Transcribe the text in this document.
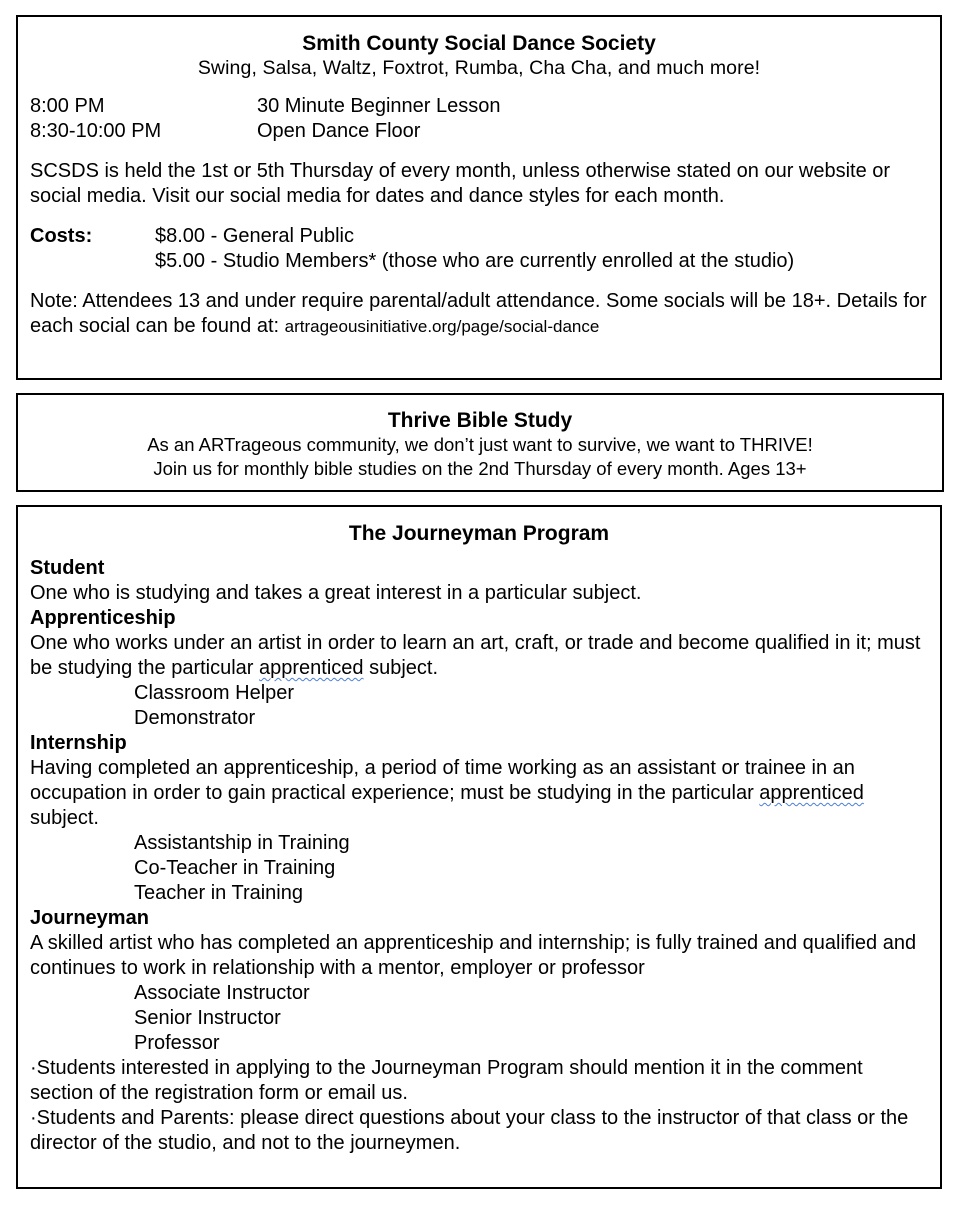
Smith County Social Dance Society
Swing, Salsa, Waltz, Foxtrot, Rumba, Cha Cha, and much more!
8:00 PM	30 Minute Beginner Lesson
8:30-10:00 PM	Open Dance Floor

SCSDS is held the 1st or 5th Thursday of every month, unless otherwise stated on our website or social media. Visit our social media for dates and dance styles for each month.

Costs:	$8.00 - General Public
$5.00 - Studio Members* (those who are currently enrolled at the studio)

Note: Attendees 13 and under require parental/adult attendance. Some socials will be 18+. Details for each social can be found at: artrageousinitiative.org/page/social-dance

Thrive Bible Study
As an ARTrageous community, we don’t just want to survive, we want to THRIVE!
Join us for monthly bible studies on the 2nd Thursday of every month. Ages 13+
The Journeyman Program
Student
One who is studying and takes a great interest in a particular subject.
Apprenticeship
One who works under an artist in order to learn an art, craft, or trade and become qualified in it; must be studying the particular apprenticed subject.
Classroom Helper
Demonstrator
Internship
Having completed an apprenticeship, a period of time working as an assistant or trainee in an occupation in order to gain practical experience; must be studying in the particular apprenticed subject.
Assistantship in Training
Co-Teacher in Training
Teacher in Training
Journeyman
A skilled artist who has completed an apprenticeship and internship; is fully trained and qualified and continues to work in relationship with a mentor, employer or professor
Associate Instructor
Senior Instructor
Professor
·Students interested in applying to the Journeyman Program should mention it in the comment section of the registration form or email us.
·Students and Parents: please direct questions about your class to the instructor of that class or the director of the studio, and not to the journeymen.
